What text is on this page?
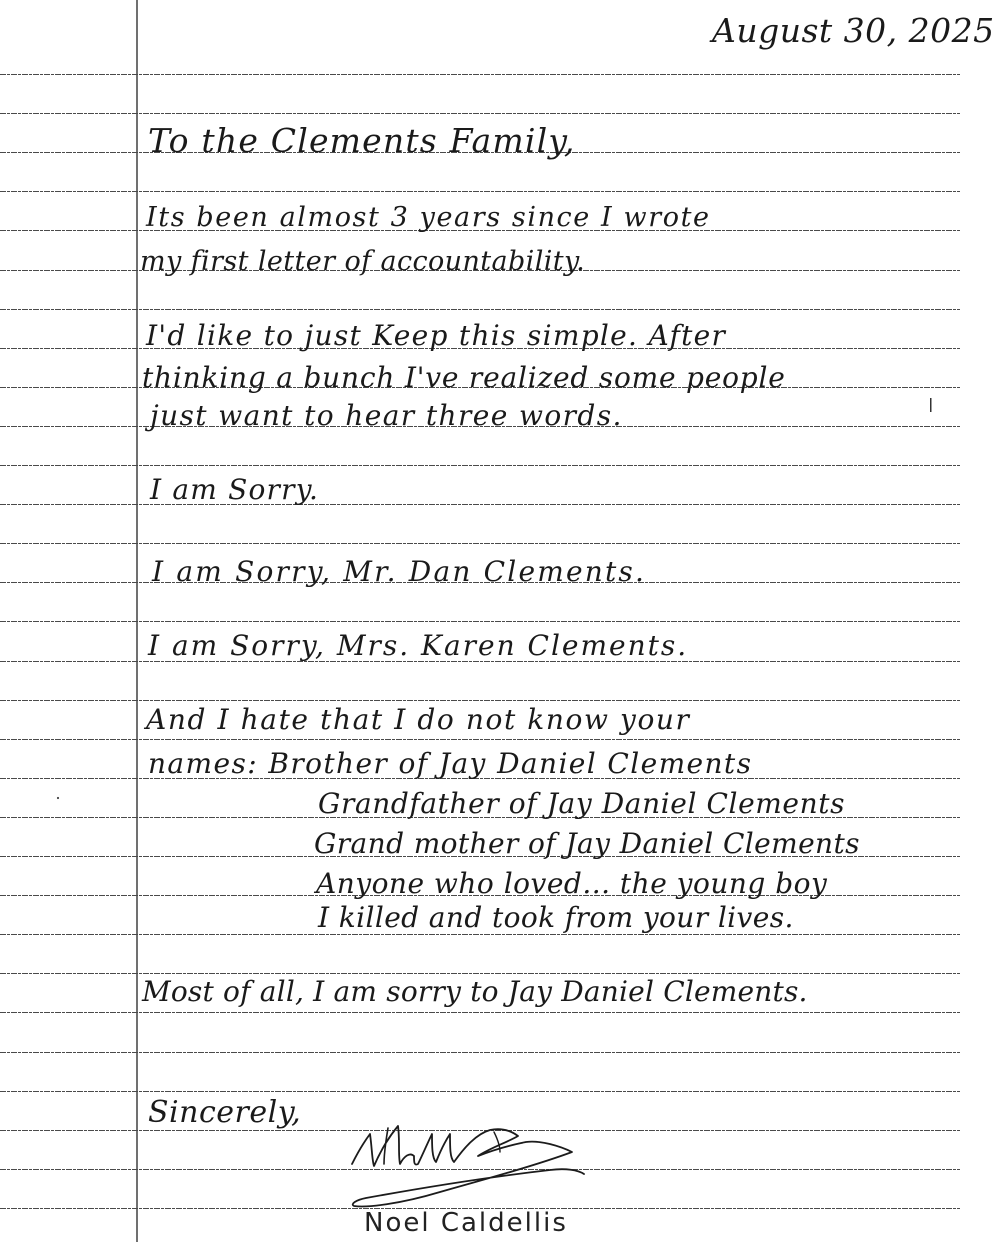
August 30, 2025
To the Clements Family,
Its been almost 3 years since I wrote
my first letter of accountability.
I'd like to just Keep this simple. After
thinking a bunch I've realized some people
just want to hear three words.
I am Sorry.
I am Sorry, Mr. Dan Clements.
I am Sorry, Mrs. Karen Clements.
And I hate that I do not know your
names: Brother of Jay Daniel Clements
Grandfather of Jay Daniel Clements
Grand mother of Jay Daniel Clements
Anyone who loved... the young boy
I killed and took from your lives.
Most of all, I am sorry to Jay Daniel Clements.
Sincerely,
Noel Caldellis
